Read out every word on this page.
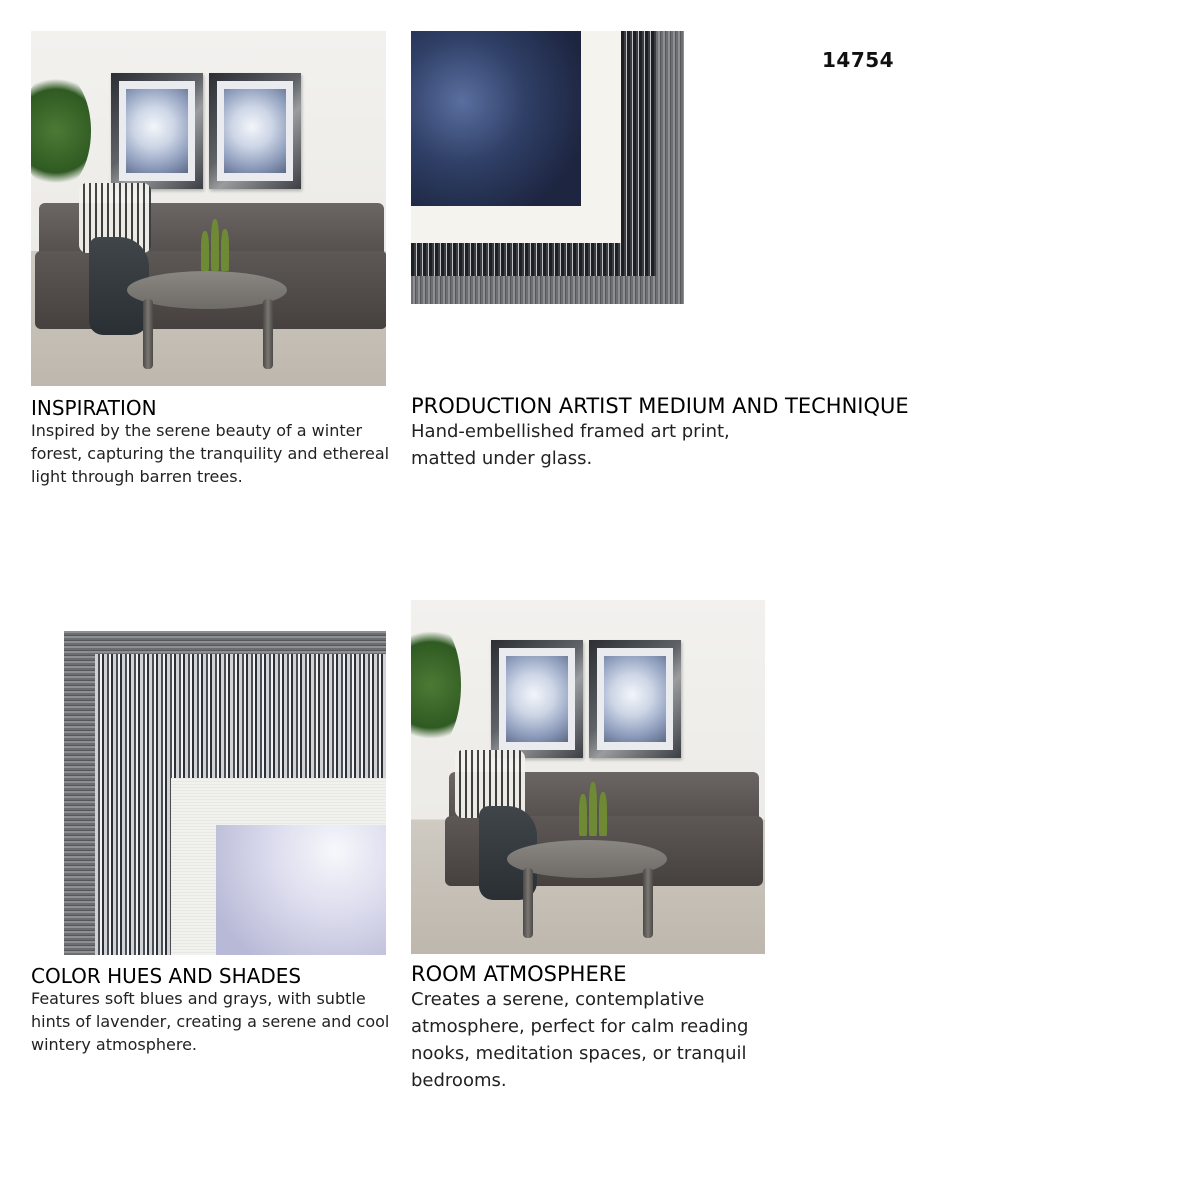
14754
INSPIRATION
Inspired by the serene beauty of a winter
forest, capturing the tranquility and ethereal
light through barren trees.
PRODUCTION ARTIST MEDIUM AND TECHNIQUE
Hand-embellished framed art print,
matted under glass.
COLOR HUES AND SHADES
Features soft blues and grays, with subtle
hints of lavender, creating a serene and cool
wintery atmosphere.
ROOM ATMOSPHERE
Creates a serene, contemplative
atmosphere, perfect for calm reading
nooks, meditation spaces, or tranquil
bedrooms.
